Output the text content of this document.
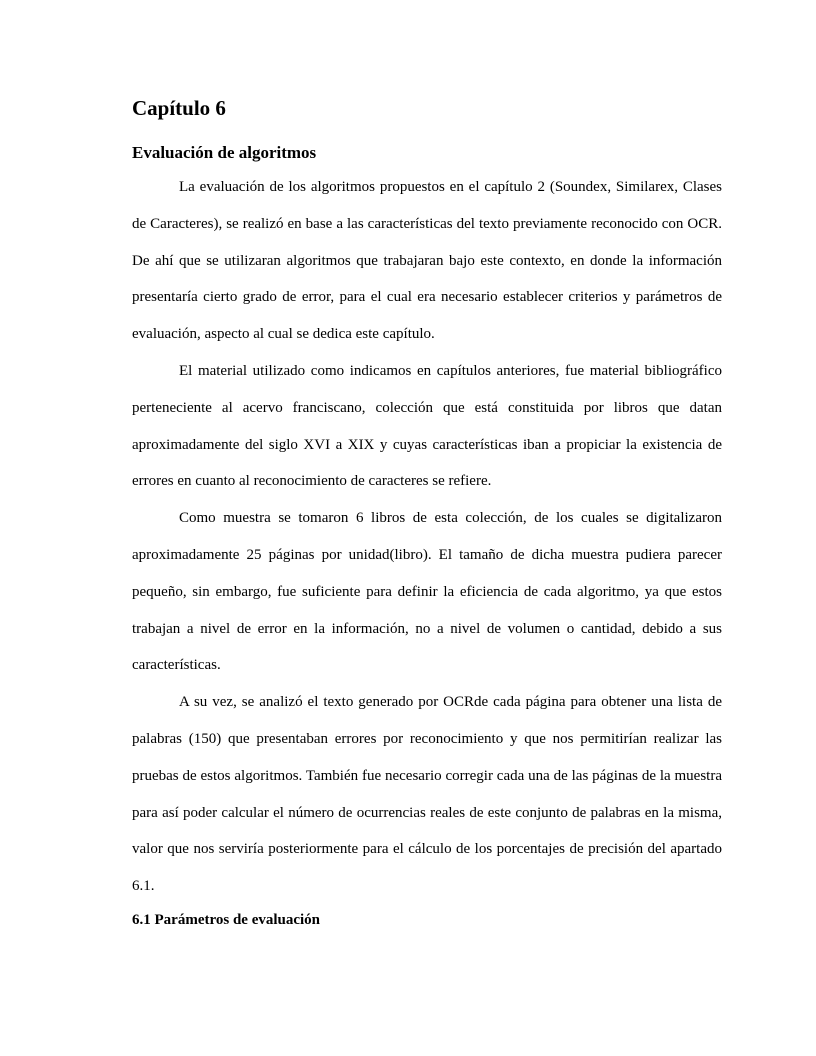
Capítulo 6
Evaluación de algoritmos

La evaluación de los algoritmos propuestos en el capítulo 2 (Soundex, Similarex, Clases de Caracteres), se realizó en base a las características del texto previamente reconocido con OCR. De ahí que se utilizaran algoritmos que trabajaran bajo este contexto, en donde la información presentaría cierto grado de error, para el cual era necesario establecer criterios y parámetros de evaluación, aspecto al cual se dedica este capítulo.

El material utilizado como indicamos en capítulos anteriores, fue material bibliográfico perteneciente al acervo franciscano, colección que está constituida por libros que datan aproximadamente del siglo XVI a XIX y cuyas características iban a propiciar la existencia de errores en cuanto al reconocimiento de caracteres se refiere.

Como muestra se tomaron 6 libros de esta colección, de los cuales se digitalizaron aproximadamente 25 páginas por unidad(libro). El tamaño de dicha muestra pudiera parecer pequeño, sin embargo, fue suficiente para definir la eficiencia de cada algoritmo, ya que estos trabajan a nivel de error en la información, no a nivel de volumen o cantidad, debido a sus características.

A su vez, se analizó el texto generado por OCRde cada página para obtener una lista de palabras (150) que presentaban errores por reconocimiento y que nos permitirían realizar las pruebas de estos algoritmos. También fue necesario corregir cada una de las páginas de la muestra para así poder calcular el número de ocurrencias reales de este conjunto de palabras en la misma, valor que nos serviría posteriormente para el cálculo de los porcentajes de precisión del apartado 6.1.

6.1 Parámetros de evaluación
